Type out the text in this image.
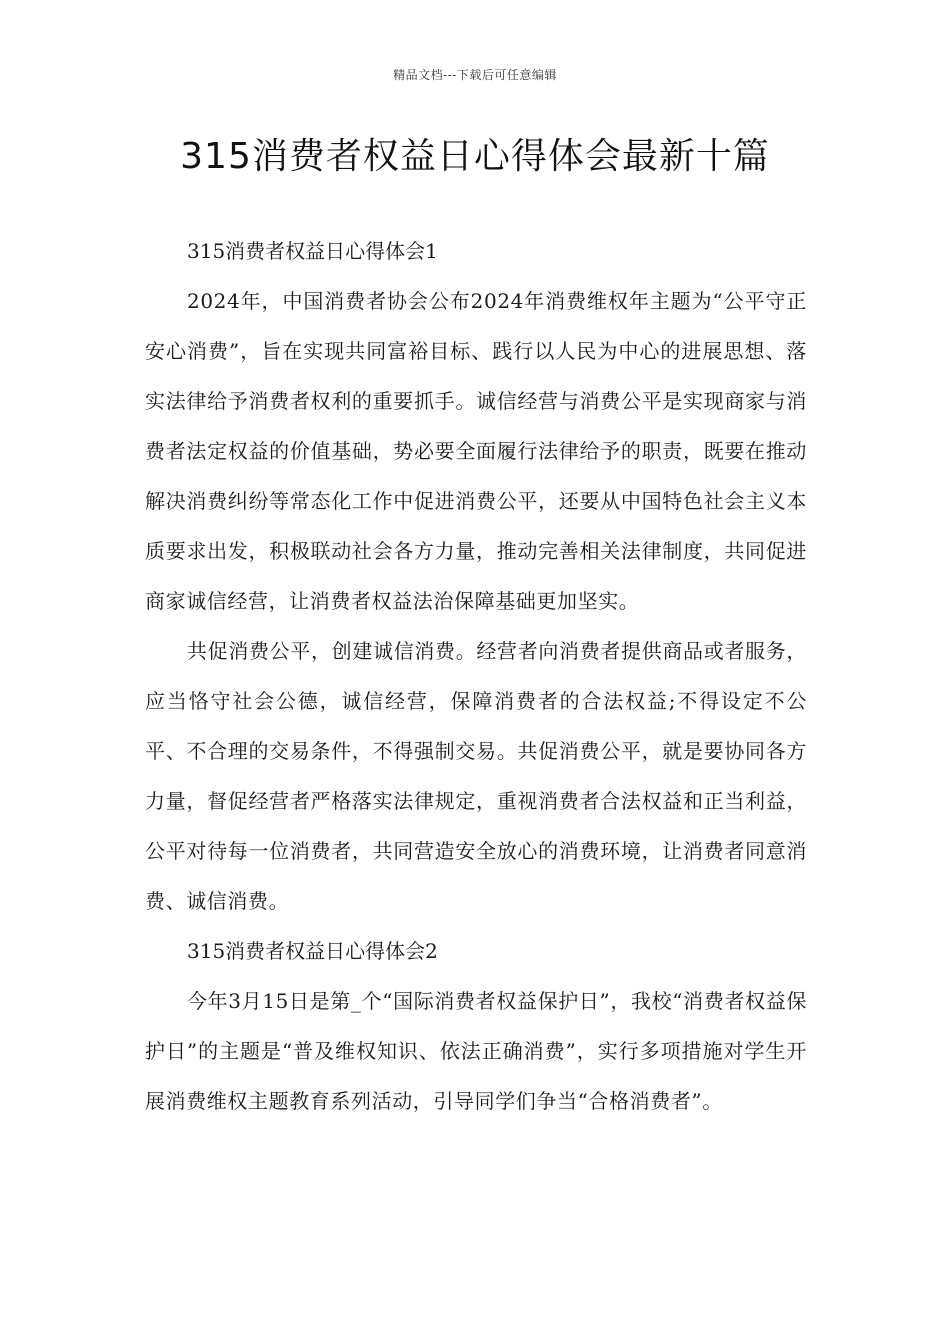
精品文档---下载后可任意编辑
315消费者权益日心得体会最新十篇

315消费者权益日心得体会1

2024年，中国消费者协会公布2024年消费维权年主题为“公平守正安心消费”，旨在实现共同富裕目标、践行以人民为中心的进展思想、落实法律给予消费者权利的重要抓手。诚信经营与消费公平是实现商家与消费者法定权益的价值基础，势必要全面履行法律给予的职责，既要在推动解决消费纠纷等常态化工作中促进消费公平，还要从中国特色社会主义本质要求出发，积极联动社会各方力量，推动完善相关法律制度，共同促进商家诚信经营，让消费者权益法治保障基础更加坚实。

共促消费公平，创建诚信消费。经营者向消费者提供商品或者服务，应当恪守社会公德，诚信经营，保障消费者的合法权益;不得设定不公平、不合理的交易条件，不得强制交易。共促消费公平，就是要协同各方力量，督促经营者严格落实法律规定，重视消费者合法权益和正当利益，公平对待每一位消费者，共同营造安全放心的消费环境，让消费者同意消费、诚信消费。

315消费者权益日心得体会2

今年3月15日是第_个“国际消费者权益保护日”，我校“消费者权益保护日”的主题是“普及维权知识、依法正确消费”，实行多项措施对学生开展消费维权主题教育系列活动，引导同学们争当“合格消费者”。
